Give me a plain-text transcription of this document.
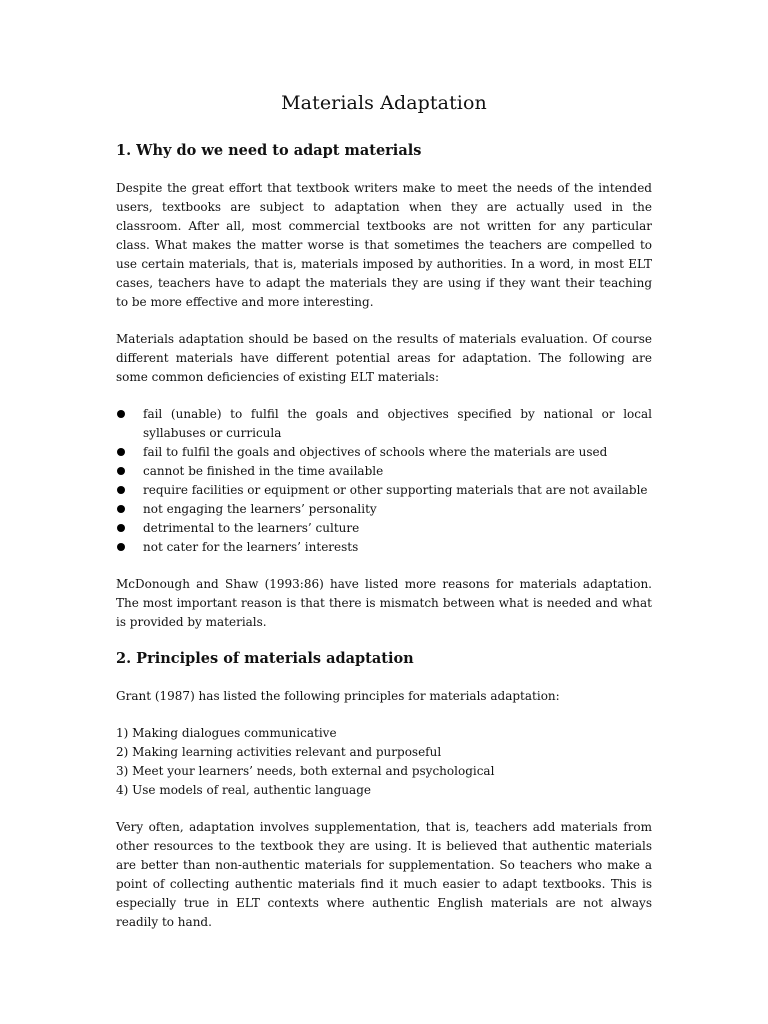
Materials Adaptation
1. Why do we need to adapt materials

Despite the great effort that textbook writers make to meet the needs of the intended users, textbooks are subject to adaptation when they are actually used in the classroom. After all, most commercial textbooks are not written for any particular class. What makes the matter worse is that sometimes the teachers are compelled to use certain materials, that is, materials imposed by authorities. In a word, in most ELT cases, teachers have to adapt the materials they are using if they want their teaching to be more effective and more interesting.

Materials adaptation should be based on the results of materials evaluation. Of course different materials have different potential areas for adaptation. The following are some common deficiencies of existing ELT materials:

fail (unable) to fulfil the goals and objectives specified by national or local syllabuses or curricula
fail to fulfil the goals and objectives of schools where the materials are used
cannot be finished in the time available
require facilities or equipment or other supporting materials that are not available
not engaging the learners’ personality
detrimental to the learners’ culture
not cater for the learners’ interests

McDonough and Shaw (1993:86) have listed more reasons for materials adaptation. The most important reason is that there is mismatch between what is needed and what is provided by materials.

2. Principles of materials adaptation

Grant (1987) has listed the following principles for materials adaptation:

1) Making dialogues communicative
2) Making learning activities relevant and purposeful
3) Meet your learners’ needs, both external and psychological
4) Use models of real, authentic language

Very often, adaptation involves supplementation, that is, teachers add materials from other resources to the textbook they are using. It is believed that authentic materials are better than non-authentic materials for supplementation. So teachers who make a point of collecting authentic materials find it much easier to adapt textbooks. This is especially true in ELT contexts where authentic English materials are not always readily to hand.
